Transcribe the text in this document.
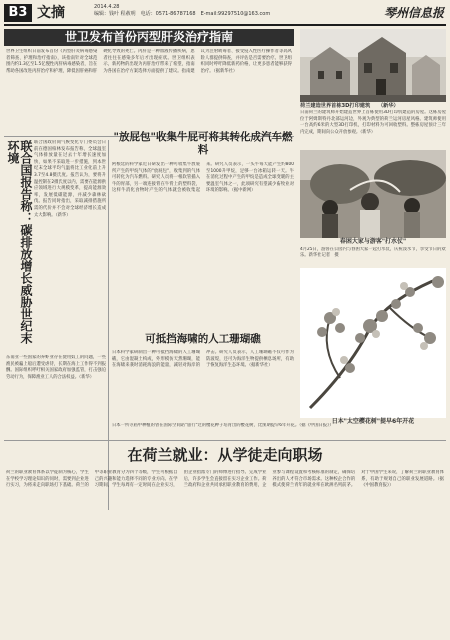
B3 文摘	2014.4.28
编辑：钱叶 程赦明　电话：0571-86787168　E-mail:99297510@163.com	琴州信息报
世卫发布首份丙型肝炎治疗指南
世界卫生组织日前发布首份《丙型肝炎病毒感染者筛查、护理和治疗指南》，该指南针对全球范围内约1.3亿至1.5亿慢性丙肝病毒感染者，旨在帮助各国改进丙肝治疗和护理，降低因肝癌和肝硬化导致的死亡。丙肝是一种血液传播疾病，患者往往在感染多年后才出现症状。世卫组织表示，新药物的出现为丙肝治疗带来了希望，指南为各国在治疗方案选择方面提供了建议。指南建议为注射吸毒者、接受侵入性医疗操作者等高风险人群提供筛查，并评估是否需要治疗。世卫组织同时呼吁降低新药价格，让更多患者能够获得治疗。（据新华社）
荷兰建造世界首栋3D打印建筑　　（新华）
日前荷兰的建筑师开始建造世界上首栋使用3D打印机建造的房屋。这栋房屋位于阿姆斯特丹北部运河边，外观为典型的荷兰运河房屋风格。建筑师使用一台高约6米的大型3D打印机，打印材料为可回收塑料。整栋房屋预计三年内完成，期间向公众开放参观。（新华）
联合国报告称：碳排放增长威胁世纪末环境	联合国政府间气候变化专门委员会日前在德国柏林发布报告称，全球温室气体排放量在过去十年增长速度加快，如果不采取进一步措施，到本世纪末全球平均气温将比工业化前上升3.7至4.8摄氏度。报告认为，要将升温控制在2摄氏度以内，需要在能源供应领域进行大规模变革，提高能源效率，发展低碳能源，并减少森林砍伐。报告同时指出，采取减排措施所需的代价并不会对全球经济增长造成太大影响。（新华）
"放屁包"收集牛屁可将其转化成汽车燃料
阿根廷的科学家近日研发出一种可收集牛放屁所产生的甲烷气体的"放屁包"，收集到的气体可转化为汽车燃料。研究人员将一根软管插入牛的胃部，另一端连接背在牛背上的塑料袋，这样牛消化食物时产生的气体就会被收集起来。研究人员表示，一头牛每天能产生约800至1000升甲烷，足够一台冰箱运转一天。牛在消化过程中产生的甲烷是造成全球变暖的主要温室气体之一，此项研究有望减少畜牧业对环境的影响。（据中新网）
春困大家与游客"打水仗"
4月25日，游客在公园内与春困大家一起打水仗，庆祝泼水节，享受节日的欢乐。新华社记者　摄
可抵挡海啸的人工珊瑚礁
日本科学家研制出一种可抵挡海啸的人工珊瑚礁，它由混凝土构成，外形模仿天然珊瑚，能在海啸来袭时消耗海浪的能量，减轻对海岸的冲击。研究人员表示，人工珊瑚礁不仅可作为防波堤，还可为海洋生物提供栖息场所，有助于恢复海洋生态环境。（据新华社）
日本"太空樱花树"提早6年开花
日本一所寺庙中种植的曾在国际空间站"旅行"过的樱花种子培育出的樱花树，比预期提早6年开花。（据《中国日报》）
东南亚一些国家的养虾业存在使用奴工的问题，一些渔民被骗上船后遭受虐待，长期在海上工作得不到报酬。国际组织呼吁相关国家政府加强监管，打击强迫劳动行为，保障渔业工人的合法权益。（新华）
在荷兰就业：从学徒走向职场
荷兰的职业教育体系以学徒制为核心，学生在学校学习理论知识的同时，需要到企业进行实习，为将来走向职场打下基础。荷兰的中等职业教育分为四个等级，学生可根据自己的兴趣和能力选择不同的专业方向。在学习期间，学生每周有一定时间在企业实习，由企业指派专门的师傅进行指导。完成学业后，许多学生会直接留在实习企业工作。荷兰政府和企业共同承担职业教育的费用，企业参与课程设置和考核标准的制定，确保培养出的人才符合市场需求。这种校企合作的模式使荷兰青年的就业率在欧洲名列前茅。对于中国学生来说，了解荷兰的职业教育体系，有助于规划自己的职业发展道路。（据《中国教育报》）
